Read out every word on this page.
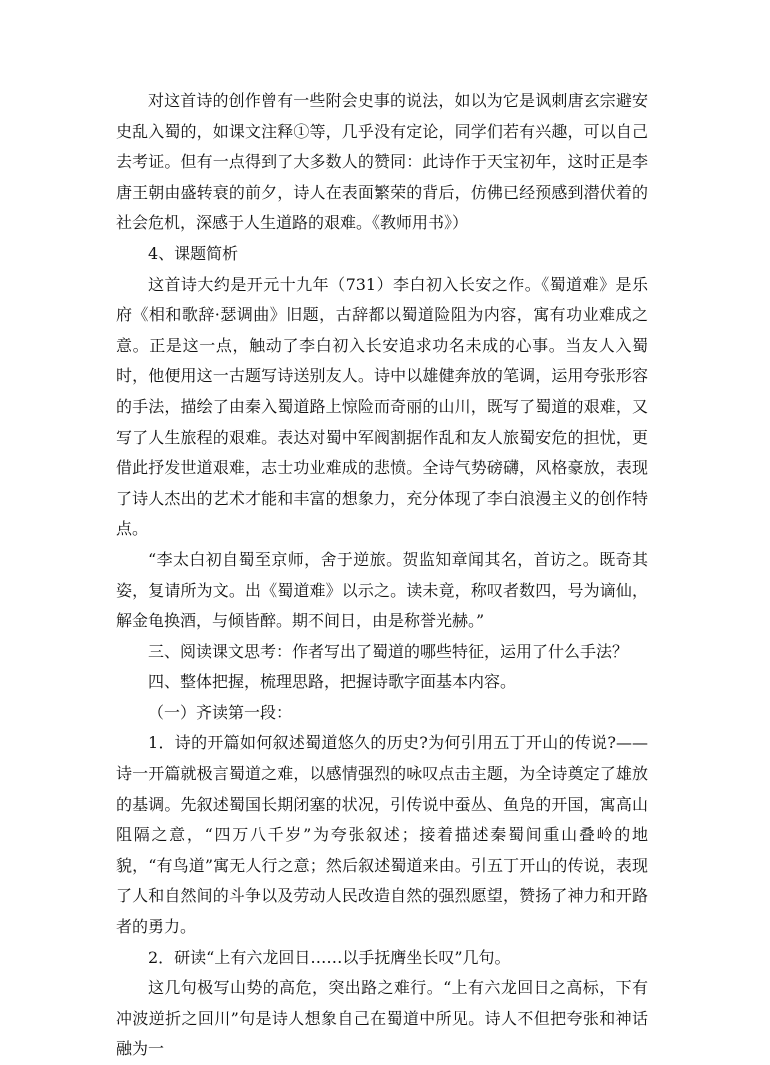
对这首诗的创作曾有一些附会史事的说法，如以为它是讽刺唐玄宗避安史乱入蜀的，如课文注释①等，几乎没有定论，同学们若有兴趣，可以自己去考证。但有一点得到了大多数人的赞同：此诗作于天宝初年，这时正是李唐王朝由盛转衰的前夕，诗人在表面繁荣的背后，仿佛已经预感到潜伏着的社会危机，深感于人生道路的艰难。《教师用书》）

4、课题简析

这首诗大约是开元十九年（731）李白初入长安之作。《蜀道难》是乐府《相和歌辞·瑟调曲》旧题，古辞都以蜀道险阻为内容，寓有功业难成之意。正是这一点，触动了李白初入长安追求功名未成的心事。当友人入蜀时，他便用这一古题写诗送别友人。诗中以雄健奔放的笔调，运用夸张形容的手法，描绘了由秦入蜀道路上惊险而奇丽的山川，既写了蜀道的艰难，又写了人生旅程的艰难。表达对蜀中军阀割据作乱和友人旅蜀安危的担忧，更借此抒发世道艰难，志士功业难成的悲愤。全诗气势磅礴，风格豪放，表现了诗人杰出的艺术才能和丰富的想象力，充分体现了李白浪漫主义的创作特点。

“李太白初自蜀至京师，舍于逆旅。贺监知章闻其名，首访之。既奇其姿，复请所为文。出《蜀道难》以示之。读未竟，称叹者数四，号为谪仙，解金龟换酒，与倾皆醉。期不间日，由是称誉光赫。”

三、阅读课文思考：作者写出了蜀道的哪些特征，运用了什么手法？

四、整体把握，梳理思路，把握诗歌字面基本内容。

（一）齐读第一段：

1．诗的开篇如何叙述蜀道悠久的历史?为何引用五丁开山的传说?——诗一开篇就极言蜀道之难，以感情强烈的咏叹点击主题，为全诗奠定了雄放的基调。先叙述蜀国长期闭塞的状况，引传说中蚕丛、鱼凫的开国，寓高山阻隔之意，“四万八千岁”为夸张叙述；接着描述秦蜀间重山叠岭的地貌，“有鸟道”寓无人行之意；然后叙述蜀道来由。引五丁开山的传说，表现了人和自然间的斗争以及劳动人民改造自然的强烈愿望，赞扬了神力和开路者的勇力。

2．研读“上有六龙回日……以手抚膺坐长叹”几句。

这几句极写山势的高危，突出路之难行。“上有六龙回日之高标，下有冲波逆折之回川”句是诗人想象自己在蜀道中所见。诗人不但把夸张和神话融为一
